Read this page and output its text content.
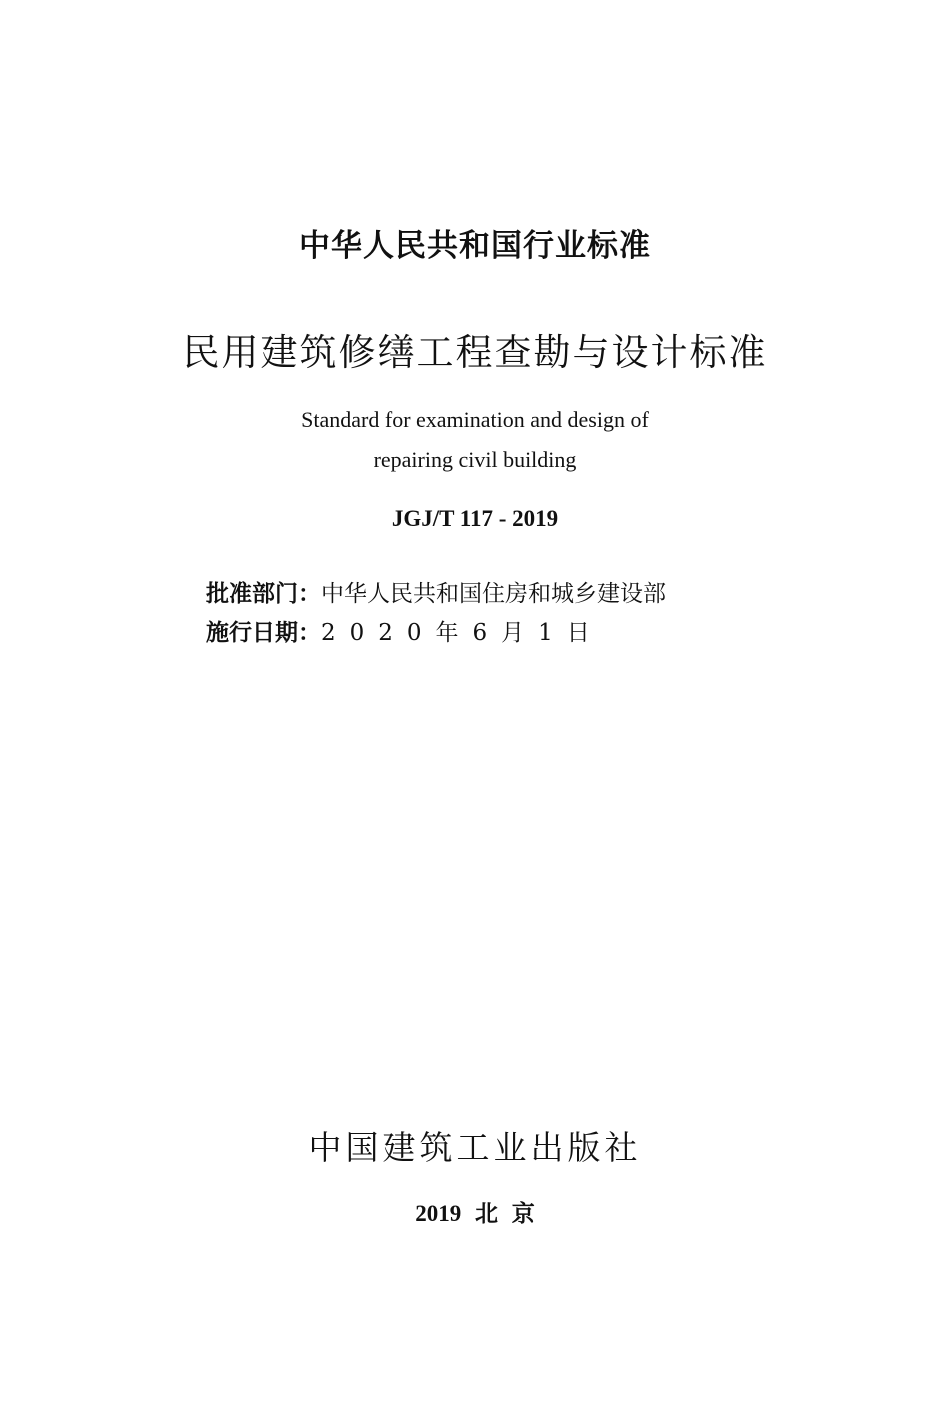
中华人民共和国行业标准
民用建筑修缮工程查勘与设计标准
Standard for examination and design of
repairing civil building
JGJ/T 117 - 2019
批准部门：中华人民共和国住房和城乡建设部
施行日期：2020年6月1日
中国建筑工业出版社
2019 北 京
